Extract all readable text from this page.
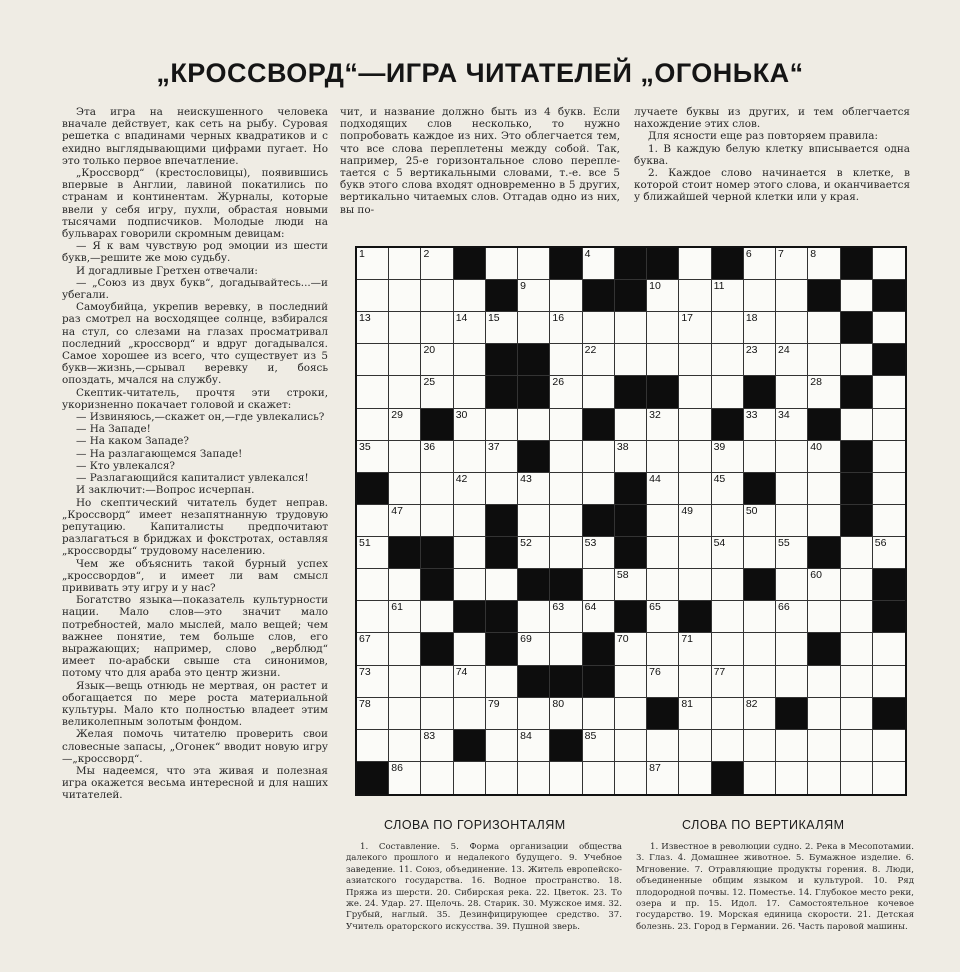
„КРОССВОРД“—ИГРА ЧИТАТЕЛЕЙ „ОГОНЬКА“

Эта игра на неискушенного человека вначале действует, как сеть на рыбу. Суровая решетка с впадинами черных квадратиков и с ехидно выглядывающими цифрами пугает. Но это только первое впечатление.

„Кроссворд“ (крестословицы), появившись впервые в Англии, лавиной покатились по странам и континентам. Журналы, которые ввели у себя игру, пухли, обрастая новыми тысячами подписчиков. Молодые люди на бульварах говорили скромным девицам:

— Я к вам чувствую род эмоции из шести букв,—решите же мою судьбу.

И догадливые Гретхен отвечали:

— „Союз из двух букв“, догадывайтесь...—и убегали.

Самоубийца, укрепив веревку, в последний раз смотрел на восходящее солнце, взбирался на стул, со слезами на глазах просматривал последний „кроссворд“ и вдруг догадывался. Самое хорошее из всего, что существует из 5 букв—жизнь,—срывал веревку и, боясь опоздать, мчался на службу.

Скептик-читатель, прочтя эти строки, укоризненно покачает головой и скажет:

— Извиняюсь,—скажет он,—где увлекались?

— На Западе!

— На каком Западе?

— На разлагающемся Западе!

— Кто увлекался?

— Разлагающийся капиталист увлекался!

И заключит:—Вопрос исчерпан.

Но скептический читатель будет неправ. „Кроссворд“ имеет незапятнанную трудовую репутацию. Капиталисты предпочитают разлагаться в бриджах и фокстротах, оставляя „кроссворды“ трудовому населению.

Чем же объяснить такой бурный успех „кроссвордов“, и имеет ли вам смысл прививать эту игру и у нас?

Богатство языка—показатель культурности нации. Мало слов—это значит мало потребностей, мало мыслей, мало вещей; чем важнее понятие, тем больше слов, его выражающих; например, слово „верблюд“ имеет по-арабски свыше ста синонимов, потому что для араба это центр жизни.

Язык—вещь отнюдь не мертвая, он растет и обогащается по мере роста материальной культуры. Мало кто полностью владеет этим великолепным золотым фондом.

Желая помочь читателю проверить свои словесные запасы, „Огонек“ вводит новую игру—„кроссворд“.

Мы надеемся, что эта живая и полезная игра окажется весьма интересной и для наших читателей.

чит, и название должно быть из 4 букв. Если подходящих слов несколько, то нужно попробовать каждое из них. Это облегчается тем, что все слова переплетены между собой. Так, например, 25-е горизонтальное слово переплетается с 5 вертикальными словами, т.-е. все 5 букв этого слова входят одновременно в 5 других, вертикально читаемых слов. Отгадав одно из них, вы по-

лучаете буквы из других, и тем облегчается нахождение этих слов.

Для ясности еще раз повторяем правила:

1. В каждую белую клетку вписывается одна буква.

2. Каждое слово начинается в клетке, в которой стоит номер этого слова, и оканчивается у ближайшей черной клетки или у края.

1	2	4	6	7	8
9	10	11
13	14 15	16	17	18
20	22	23 24
25	26	28
29	30	32	33 34
35	36	37	38	39	40
42	43	44	45
47	49	50
51	52	53	54	55	56
58	60
61	63 64	65	66
67	69	70	71
73	74	76	77
78	79	80	81	82
83	84	85
86	87
СЛОВА ПО ГОРИЗОНТАЛЯМ	СЛОВА ПО ВЕРТИКАЛЯМ

1. Составление. 5. Форма организации общества далекого прошлого и недалекого будущего. 9. Учебное заведение. 11. Союз, объединение. 13. Житель европейско-азиатского государства. 16. Водное пространство. 18. Пряжа из шерсти. 20. Сибирская река. 22. Цветок. 23. То же. 24. Удар. 27. Щелочь. 28. Старик. 30. Мужское имя. 32. Грубый, наглый. 35. Дезинфицирующее средство. 37. Учитель ораторского искусства. 39. Пушной зверь.

1. Известное в революции судно. 2. Река в Месопотамии. 3. Глаз. 4. Домашнее животное. 5. Бумажное изделие. 6. Мгновение. 7. Отравляющие продукты горения. 8. Люди, объединенные общим языком и культурой. 10. Ряд плодородной почвы. 12. Поместье. 14. Глубокое место реки, озера и пр. 15. Идол. 17. Самостоятельное кочевое государство. 19. Морская единица скорости. 21. Детская болезнь. 23. Город в Германии. 26. Часть паровой машины.
